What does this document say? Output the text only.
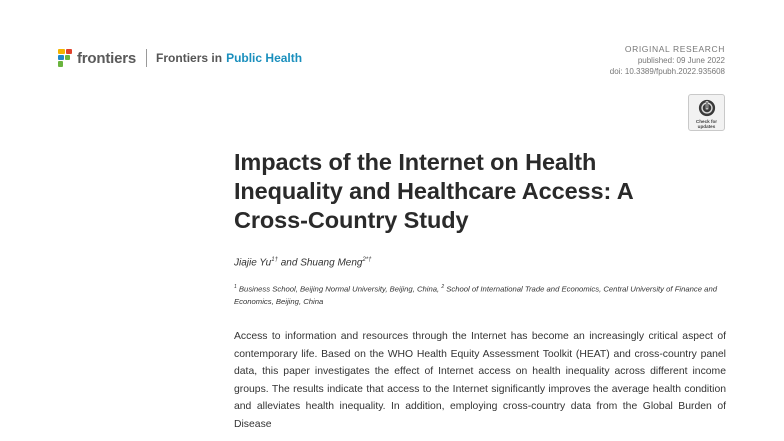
frontiers Frontiers in Public Health
ORIGINAL RESEARCH
published: 09 June 2022
doi: 10.3389/fpubh.2022.935608
Check for
updates
Impacts of the Internet on Health
Inequality and Healthcare Access: A
Cross-Country Study
Jiajie $Yu^{1\dagger}$ and Shuang Meng$^{2*\dagger}$
$^1$ Business School, Beijing Normal University, Beijing, China, $^2$ School of International Trade and Economics, Central University of Finance and Economics, Beijing, China

Access to information and resources through the Internet has become an increasingly critical aspect of contemporary life. Based on the WHO Health Equity Assessment Toolkit (HEAT) and cross-country panel data, this paper investigates the effect of Internet access on health inequality across different income groups. The results indicate that access to the Internet significantly improves the average health condition and alleviates health inequality. In addition, employing cross-country data from the Global Burden of Disease
